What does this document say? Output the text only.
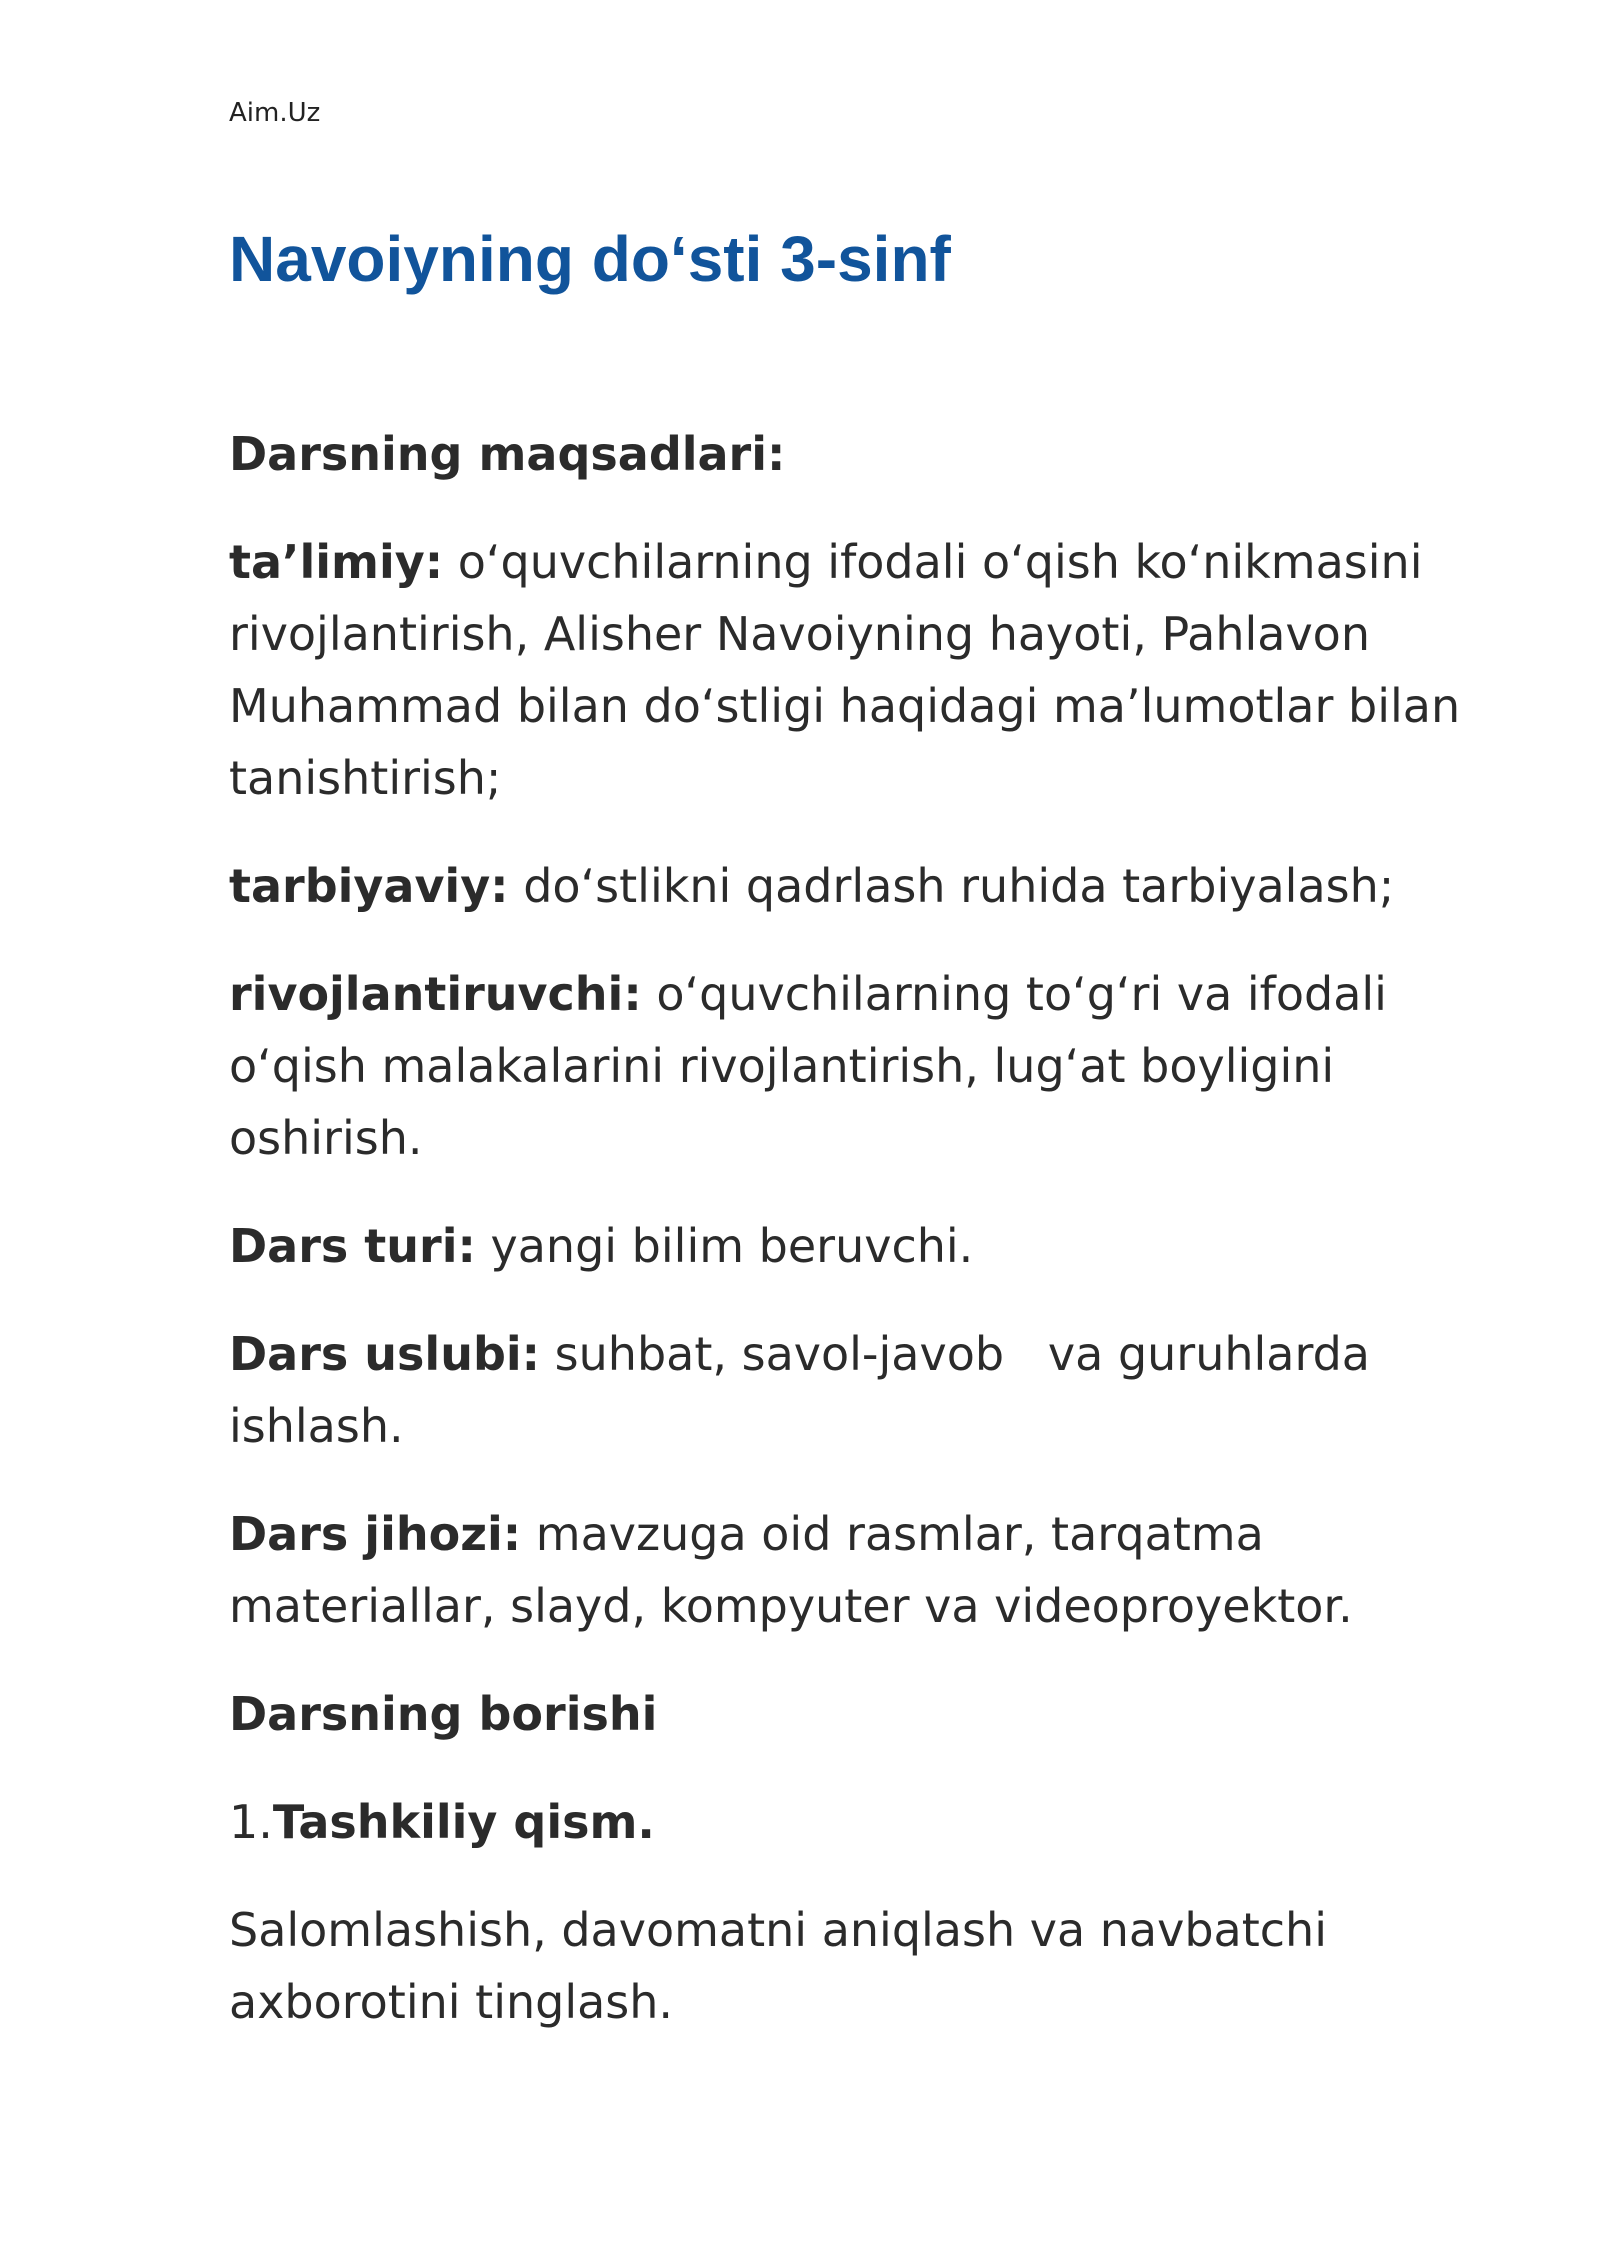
Aim.Uz
Navoiyning do‘sti 3-sinf

Darsning maqsadlari:

ta’limiy: o‘quvchilarning ifodali o‘qish ko‘nikmasini rivojlantirish, Alisher Navoiyning hayoti, Pahlavon Muhammad bilan do‘stligi haqidagi ma’lumotlar bilan tanishtirish;

tarbiyaviy: do‘stlikni qadrlash ruhida tarbiyalash;

rivojlantiruvchi: o‘quvchilarning to‘g‘ri va ifodali o‘qish malakalarini rivojlantirish, lug‘at boyligini oshirish.

Dars turi: yangi bilim beruvchi.

Dars uslubi: suhbat, savol-javob   va guruhlarda ishlash.

Dars jihozi: mavzuga oid rasmlar, tarqatma materiallar, slayd, kompyuter va videoproyektor.

Darsning borishi

1.Tashkiliy qism.

Salomlashish, davomatni aniqlash va navbatchi axborotini tinglash.
